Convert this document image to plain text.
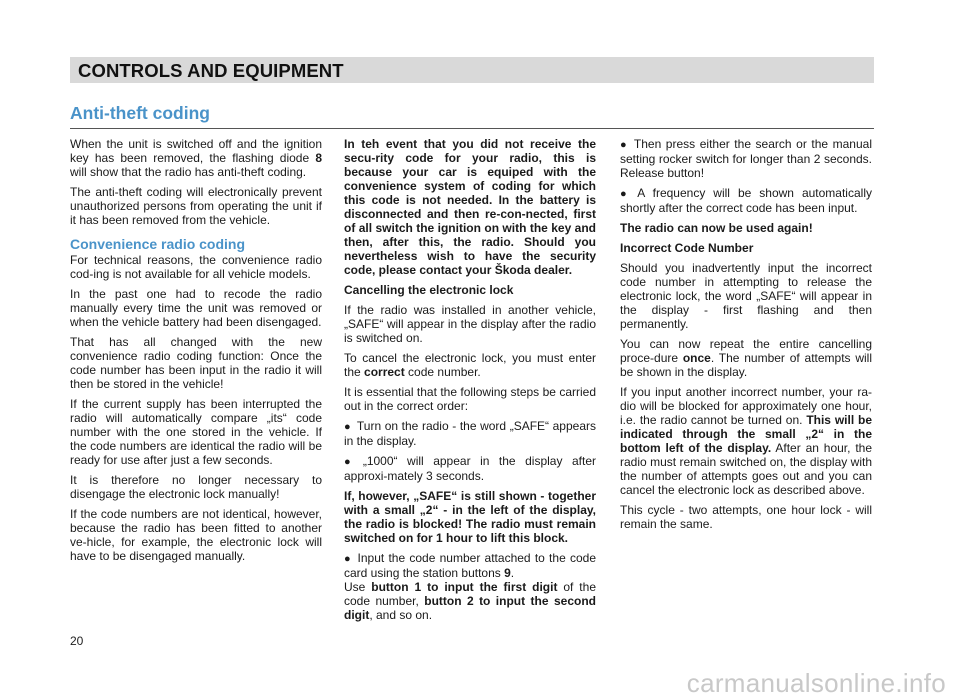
CONTROLS AND EQUIPMENT
Anti-theft coding

When the unit is switched off and the ignition key has been removed, the flashing diode 8 will show that the radio has anti-theft coding.

The anti-theft coding will electronically prevent unauthorized persons from operating the unit if it has been removed from the vehicle.

Convenience radio coding

For technical reasons, the convenience radio cod-ing is not available for all vehicle models.

In the past one had to recode the radio manually every time the unit was removed or when the vehicle battery had been disengaged.

That has all changed with the new convenience radio coding function: Once the code number has been input in the radio it will then be stored in the vehicle!

If the current supply has been interrupted the radio will automatically compare „its“ code number with the one stored in the vehicle. If the code numbers are identical the radio will be ready for use after just a few seconds.

It is therefore no longer necessary to disengage the electronic lock manually!

If the code numbers are not identical, however, because the radio has been fitted to another ve-hicle, for example, the electronic lock will have to be disengaged manually.

In teh event that you did not receive the secu-rity code for your radio, this is because your car is equiped with the convenience system of coding for which this code is not needed. In the battery is disconnected and then re-con-nected, first of all switch the ignition on with the key and then, after this, the radio. Should you nevertheless wish to have the security code, please contact your Škoda dealer.

Cancelling the electronic lock

If the radio was installed in another vehicle, „SAFE“ will appear in the display after the radio is switched on.

To cancel the electronic lock, you must enter the correct code number.

It is essential that the following steps be carried out in the correct order:

● Turn on the radio - the word „SAFE“ appears in the display.

● „1000“ will appear in the display after approxi-mately 3 seconds.

If, however, „SAFE“ is still shown - together with a small „2“ - in the left of the display, the radio is blocked! The radio must remain switched on for 1 hour to lift this block.

● Input the code number attached to the code card using the station buttons 9.
Use button 1 to input the first digit of the code number, button 2 to input the second digit, and so on.

● Then press either the search or the manual setting rocker switch for longer than 2 seconds. Release button!

● A frequency will be shown automatically shortly after the correct code has been input.

The radio can now be used again!

Incorrect Code Number

Should you inadvertently input the incorrect code number in attempting to release the electronic lock, the word „SAFE“ will appear in the display - first flashing and then permanently.

You can now repeat the entire cancelling proce-dure once. The number of attempts will be shown in the display.

If you input another incorrect number, your ra-dio will be blocked for approximately one hour, i.e. the radio cannot be turned on. This will be indicated through the small „2“ in the bottom left of the display. After an hour, the radio must remain switched on, the display with the number of attempts goes out and you can cancel the electronic lock as described above.

This cycle - two attempts, one hour lock - will remain the same.

20
carmanualsonline.info
